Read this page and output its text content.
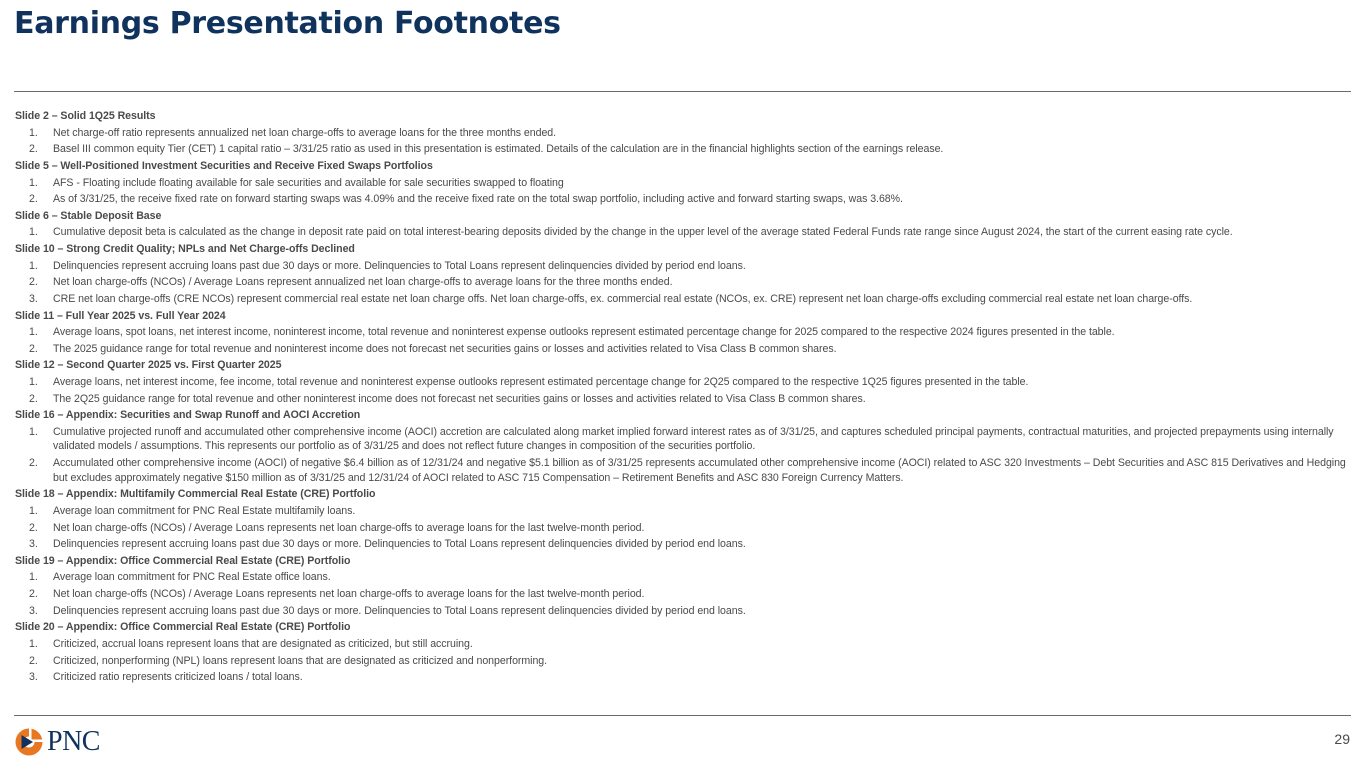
Earnings Presentation Footnotes
Slide 2 – Solid 1Q25 Results
1.	Net charge-off ratio represents annualized net loan charge-offs to average loans for the three months ended.
2.	Basel III common equity Tier (CET) 1 capital ratio – 3/31/25 ratio as used in this presentation is estimated. Details of the calculation are in the financial highlights section of the earnings release.
Slide 5 – Well-Positioned Investment Securities and Receive Fixed Swaps Portfolios
1.	AFS - Floating include floating available for sale securities and available for sale securities swapped to floating
2.	As of 3/31/25, the receive fixed rate on forward starting swaps was 4.09% and the receive fixed rate on the total swap portfolio, including active and forward starting swaps, was 3.68%.
Slide 6 – Stable Deposit Base
1.	Cumulative deposit beta is calculated as the change in deposit rate paid on total interest-bearing deposits divided by the change in the upper level of the average stated Federal Funds rate range since August 2024, the start of the current easing rate cycle.
Slide 10 – Strong Credit Quality; NPLs and Net Charge-offs Declined
1.	Delinquencies represent accruing loans past due 30 days or more. Delinquencies to Total Loans represent delinquencies divided by period end loans.
2.	Net loan charge-offs (NCOs) / Average Loans represent annualized net loan charge-offs to average loans for the three months ended.
3.	CRE net loan charge-offs (CRE NCOs) represent commercial real estate net loan charge offs. Net loan charge-offs, ex. commercial real estate (NCOs, ex. CRE) represent net loan charge-offs excluding commercial real estate net loan charge-offs.
Slide 11 – Full Year 2025 vs. Full Year 2024
1.	Average loans, spot loans, net interest income, noninterest income, total revenue and noninterest expense outlooks represent estimated percentage change for 2025 compared to the respective 2024 figures presented in the table.
2.	The 2025 guidance range for total revenue and noninterest income does not forecast net securities gains or losses and activities related to Visa Class B common shares.
Slide 12 – Second Quarter 2025 vs. First Quarter 2025
1.	Average loans, net interest income, fee income, total revenue and noninterest expense outlooks represent estimated percentage change for 2Q25 compared to the respective 1Q25 figures presented in the table.
2.	The 2Q25 guidance range for total revenue and other noninterest income does not forecast net securities gains or losses and activities related to Visa Class B common shares.
Slide 16 – Appendix: Securities and Swap Runoff and AOCI Accretion
1.	Cumulative projected runoff and accumulated other comprehensive income (AOCI) accretion are calculated along market implied forward interest rates as of 3/31/25, and captures scheduled principal payments, contractual maturities, and projected prepayments using internally validated models / assumptions. This represents our portfolio as of 3/31/25 and does not reflect future changes in composition of the securities portfolio.
2.	Accumulated other comprehensive income (AOCI) of negative $6.4 billion as of 12/31/24 and negative $5.1 billion as of 3/31/25 represents accumulated other comprehensive income (AOCI) related to ASC 320 Investments – Debt Securities and ASC 815 Derivatives and Hedging but excludes approximately negative $150 million as of 3/31/25 and 12/31/24 of AOCI related to ASC 715 Compensation – Retirement Benefits and ASC 830 Foreign Currency Matters.
Slide 18 – Appendix: Multifamily Commercial Real Estate (CRE) Portfolio
1.	Average loan commitment for PNC Real Estate multifamily loans.
2.	Net loan charge-offs (NCOs) / Average Loans represents net loan charge-offs to average loans for the last twelve-month period.
3.	Delinquencies represent accruing loans past due 30 days or more. Delinquencies to Total Loans represent delinquencies divided by period end loans.
Slide 19 – Appendix: Office Commercial Real Estate (CRE) Portfolio
1.	Average loan commitment for PNC Real Estate office loans.
2.	Net loan charge-offs (NCOs) / Average Loans represents net loan charge-offs to average loans for the last twelve-month period.
3.	Delinquencies represent accruing loans past due 30 days or more. Delinquencies to Total Loans represent delinquencies divided by period end loans.
Slide 20 – Appendix: Office Commercial Real Estate (CRE) Portfolio
1.	Criticized, accrual loans represent loans that are designated as criticized, but still accruing.
2.	Criticized, nonperforming (NPL) loans represent loans that are designated as criticized and nonperforming.
3.	Criticized ratio represents criticized loans / total loans.
PNC	29
